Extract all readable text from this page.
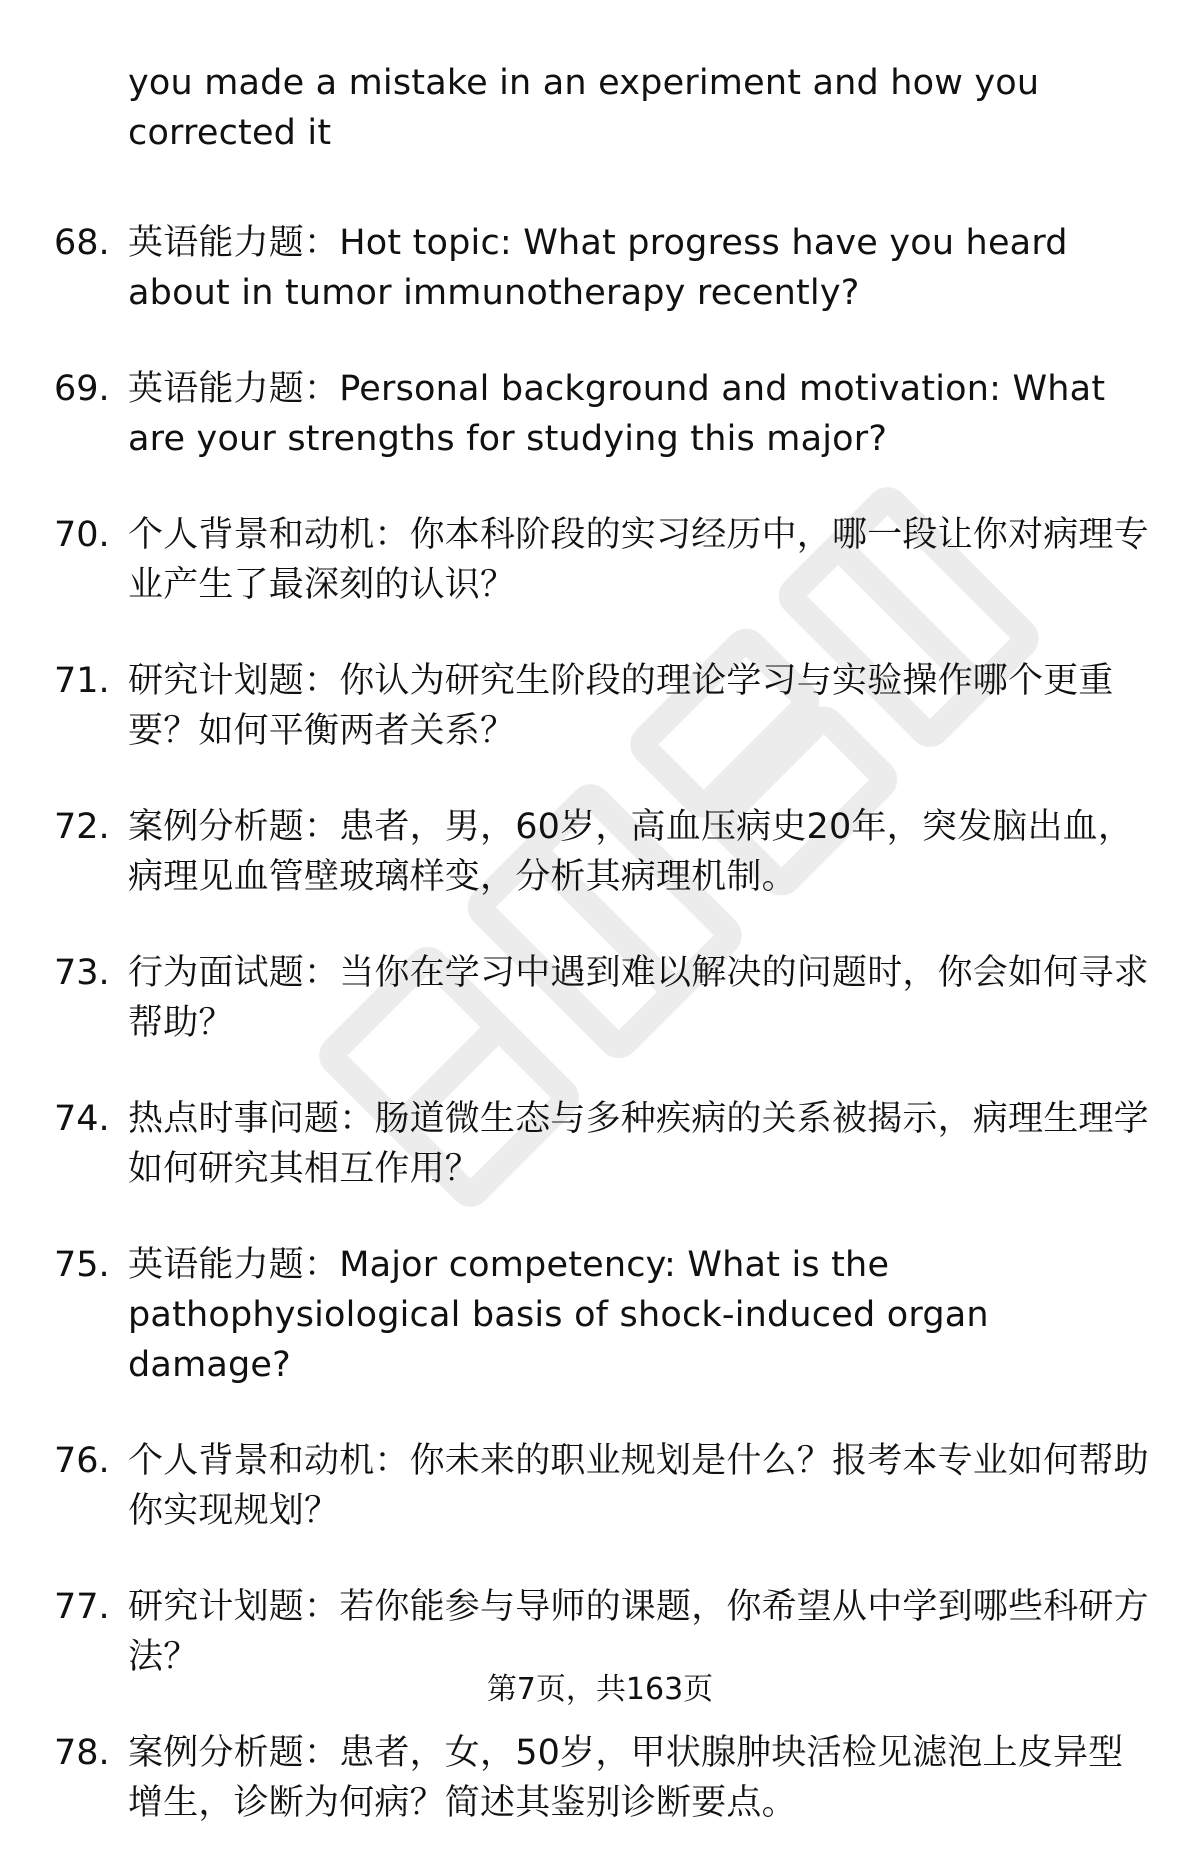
you made a mistake in an experiment and how you corrected it
68. 英语能力题：Hot topic: What progress have you heard about in tumor immunotherapy recently?
69. 英语能力题：Personal background and motivation: What are your strengths for studying this major?
70. 个人背景和动机：你本科阶段的实习经历中，哪一段让你对病理专业产生了最深刻的认识？
71. 研究计划题：你认为研究生阶段的理论学习与实验操作哪个更重要？如何平衡两者关系？
72. 案例分析题：患者，男，60岁，高血压病史20年，突发脑出血，病理见血管壁玻璃样变，分析其病理机制。
73. 行为面试题：当你在学习中遇到难以解决的问题时，你会如何寻求帮助？
74. 热点时事问题：肠道微生态与多种疾病的关系被揭示，病理生理学如何研究其相互作用？
75. 英语能力题：Major competency: What is the pathophysiological basis of shock-induced organ damage?
76. 个人背景和动机：你未来的职业规划是什么？报考本专业如何帮助你实现规划？
77. 研究计划题：若你能参与导师的课题，你希望从中学到哪些科研方法？
78. 案例分析题：患者，女，50岁，甲状腺肿块活检见滤泡上皮异型增生，诊断为何病？简述其鉴别诊断要点。
第7页，共163页
